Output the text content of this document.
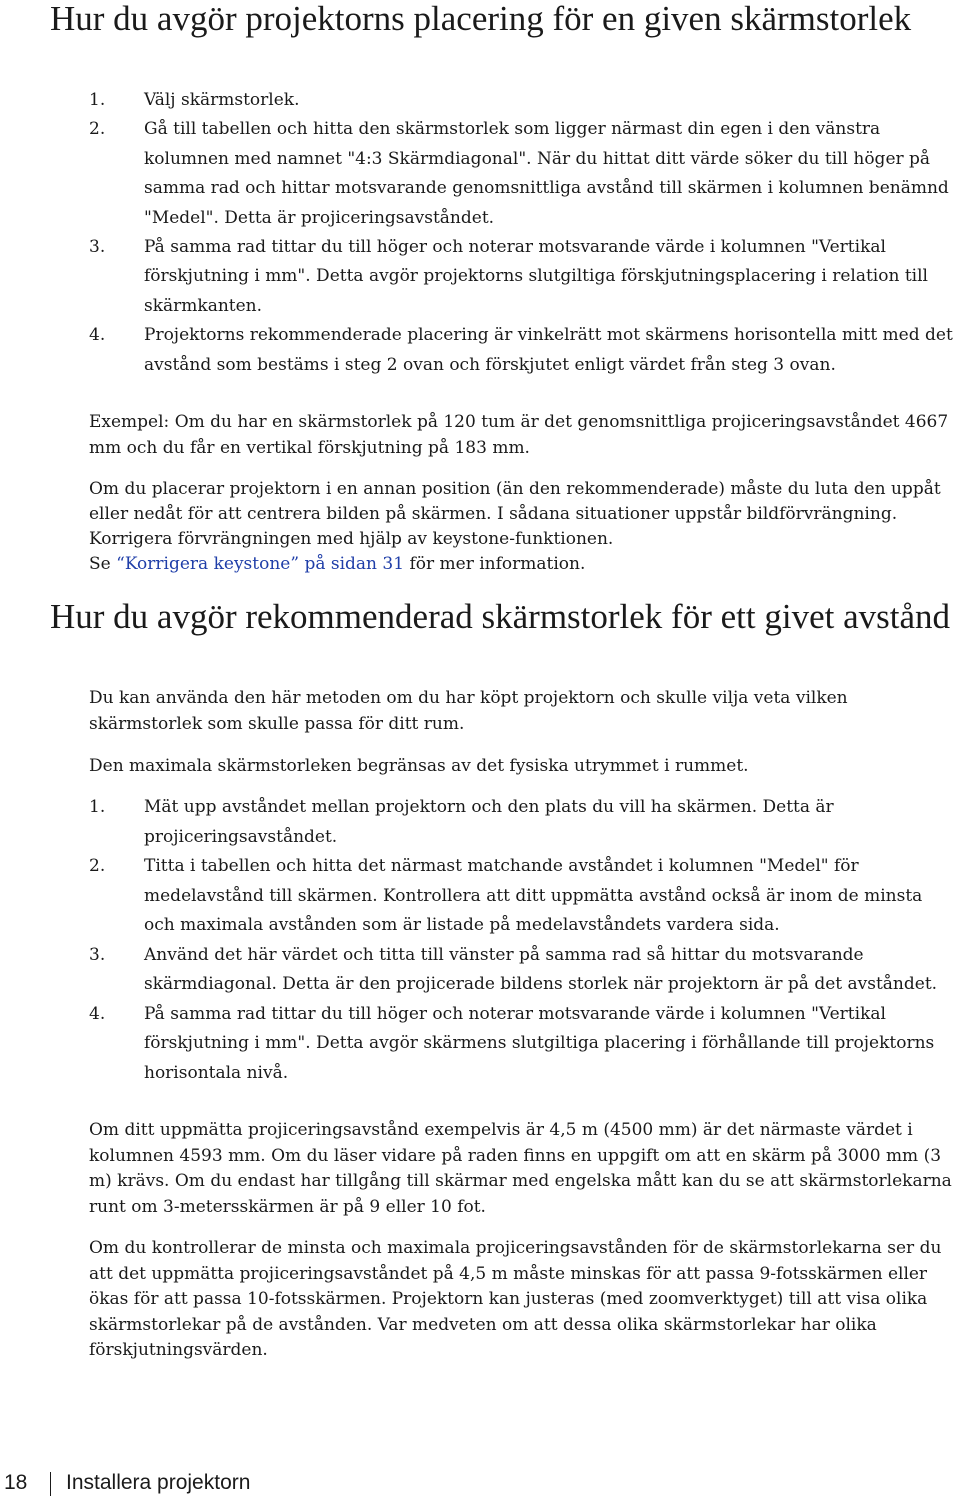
Hur du avgör projektorns placering för en given skärmstorlek
1. Välj skärmstorlek.
2. Gå till tabellen och hitta den skärmstorlek som ligger närmast din egen i den vänstra kolumnen med namnet "4:3 Skärmdiagonal". När du hittat ditt värde söker du till höger på samma rad och hittar motsvarande genomsnittliga avstånd till skärmen i kolumnen benämnd "Medel". Detta är projiceringsavståndet.
3. På samma rad tittar du till höger och noterar motsvarande värde i kolumnen "Vertikal förskjutning i mm". Detta avgör projektorns slutgiltiga förskjutningsplacering i relation till skärmkanten.
4. Projektorns rekommenderade placering är vinkelrätt mot skärmens horisontella mitt med det avstånd som bestäms i steg 2 ovan och förskjutet enligt värdet från steg 3 ovan.

Exempel: Om du har en skärmstorlek på 120 tum är det genomsnittliga projiceringsavståndet 4667 mm och du får en vertikal förskjutning på 183 mm.

Om du placerar projektorn i en annan position (än den rekommenderade) måste du luta den uppåt eller nedåt för att centrera bilden på skärmen. I sådana situationer uppstår bildförvrängning. Korrigera förvrängningen med hjälp av keystone-funktionen.
Se “Korrigera keystone” på sidan 31 för mer information.

Hur du avgör rekommenderad skärmstorlek för ett givet avstånd

Du kan använda den här metoden om du har köpt projektorn och skulle vilja veta vilken skärmstorlek som skulle passa för ditt rum.

Den maximala skärmstorleken begränsas av det fysiska utrymmet i rummet.

1. Mät upp avståndet mellan projektorn och den plats du vill ha skärmen. Detta är projiceringsavståndet.
2. Titta i tabellen och hitta det närmast matchande avståndet i kolumnen "Medel" för medelavstånd till skärmen. Kontrollera att ditt uppmätta avstånd också är inom de minsta och maximala avstånden som är listade på medelavståndets vardera sida.
3. Använd det här värdet och titta till vänster på samma rad så hittar du motsvarande skärmdiagonal. Detta är den projicerade bildens storlek när projektorn är på det avståndet.
4. På samma rad tittar du till höger och noterar motsvarande värde i kolumnen "Vertikal förskjutning i mm". Detta avgör skärmens slutgiltiga placering i förhållande till projektorns horisontala nivå.

Om ditt uppmätta projiceringsavstånd exempelvis är 4,5 m (4500 mm) är det närmaste värdet i kolumnen 4593 mm. Om du läser vidare på raden finns en uppgift om att en skärm på 3000 mm (3 m) krävs. Om du endast har tillgång till skärmar med engelska mått kan du se att skärmstorlekarna runt om 3-metersskärmen är på 9 eller 10 fot.

Om du kontrollerar de minsta och maximala projiceringsavstånden för de skärmstorlekarna ser du att det uppmätta projiceringsavståndet på 4,5 m måste minskas för att passa 9-fotsskärmen eller ökas för att passa 10-fotsskärmen. Projektorn kan justeras (med zoomverktyget) till att visa olika skärmstorlekar på de avstånden. Var medveten om att dessa olika skärmstorlekar har olika förskjutningsvärden.

18 Installera projektorn
